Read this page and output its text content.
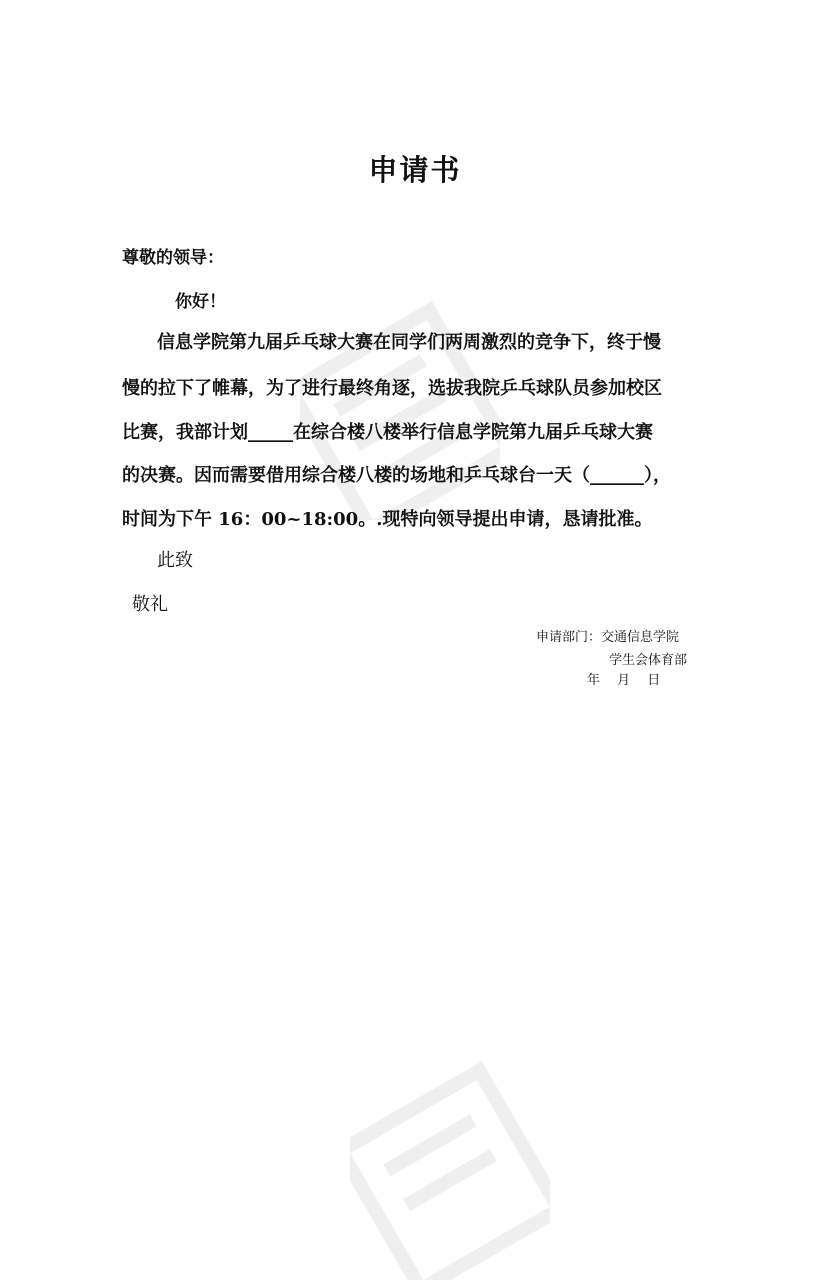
申请书
尊敬的领导：
你好！
信息学院第九届乒乓球大赛在同学们两周激烈的竞争下，终于慢
慢的拉下了帷幕，为了进行最终角逐，选拔我院乒乓球队员参加校区
比赛，我部计划_____在综合楼八楼举行信息学院第九届乒乓球大赛
的决赛。因而需要借用综合楼八楼的场地和乒乓球台一天（______），
时间为下午 16：00~18:00。.现特向领导提出申请，恳请批准。
此致
敬礼
申请部门：交通信息学院
学生会体育部
年　 月　 日
